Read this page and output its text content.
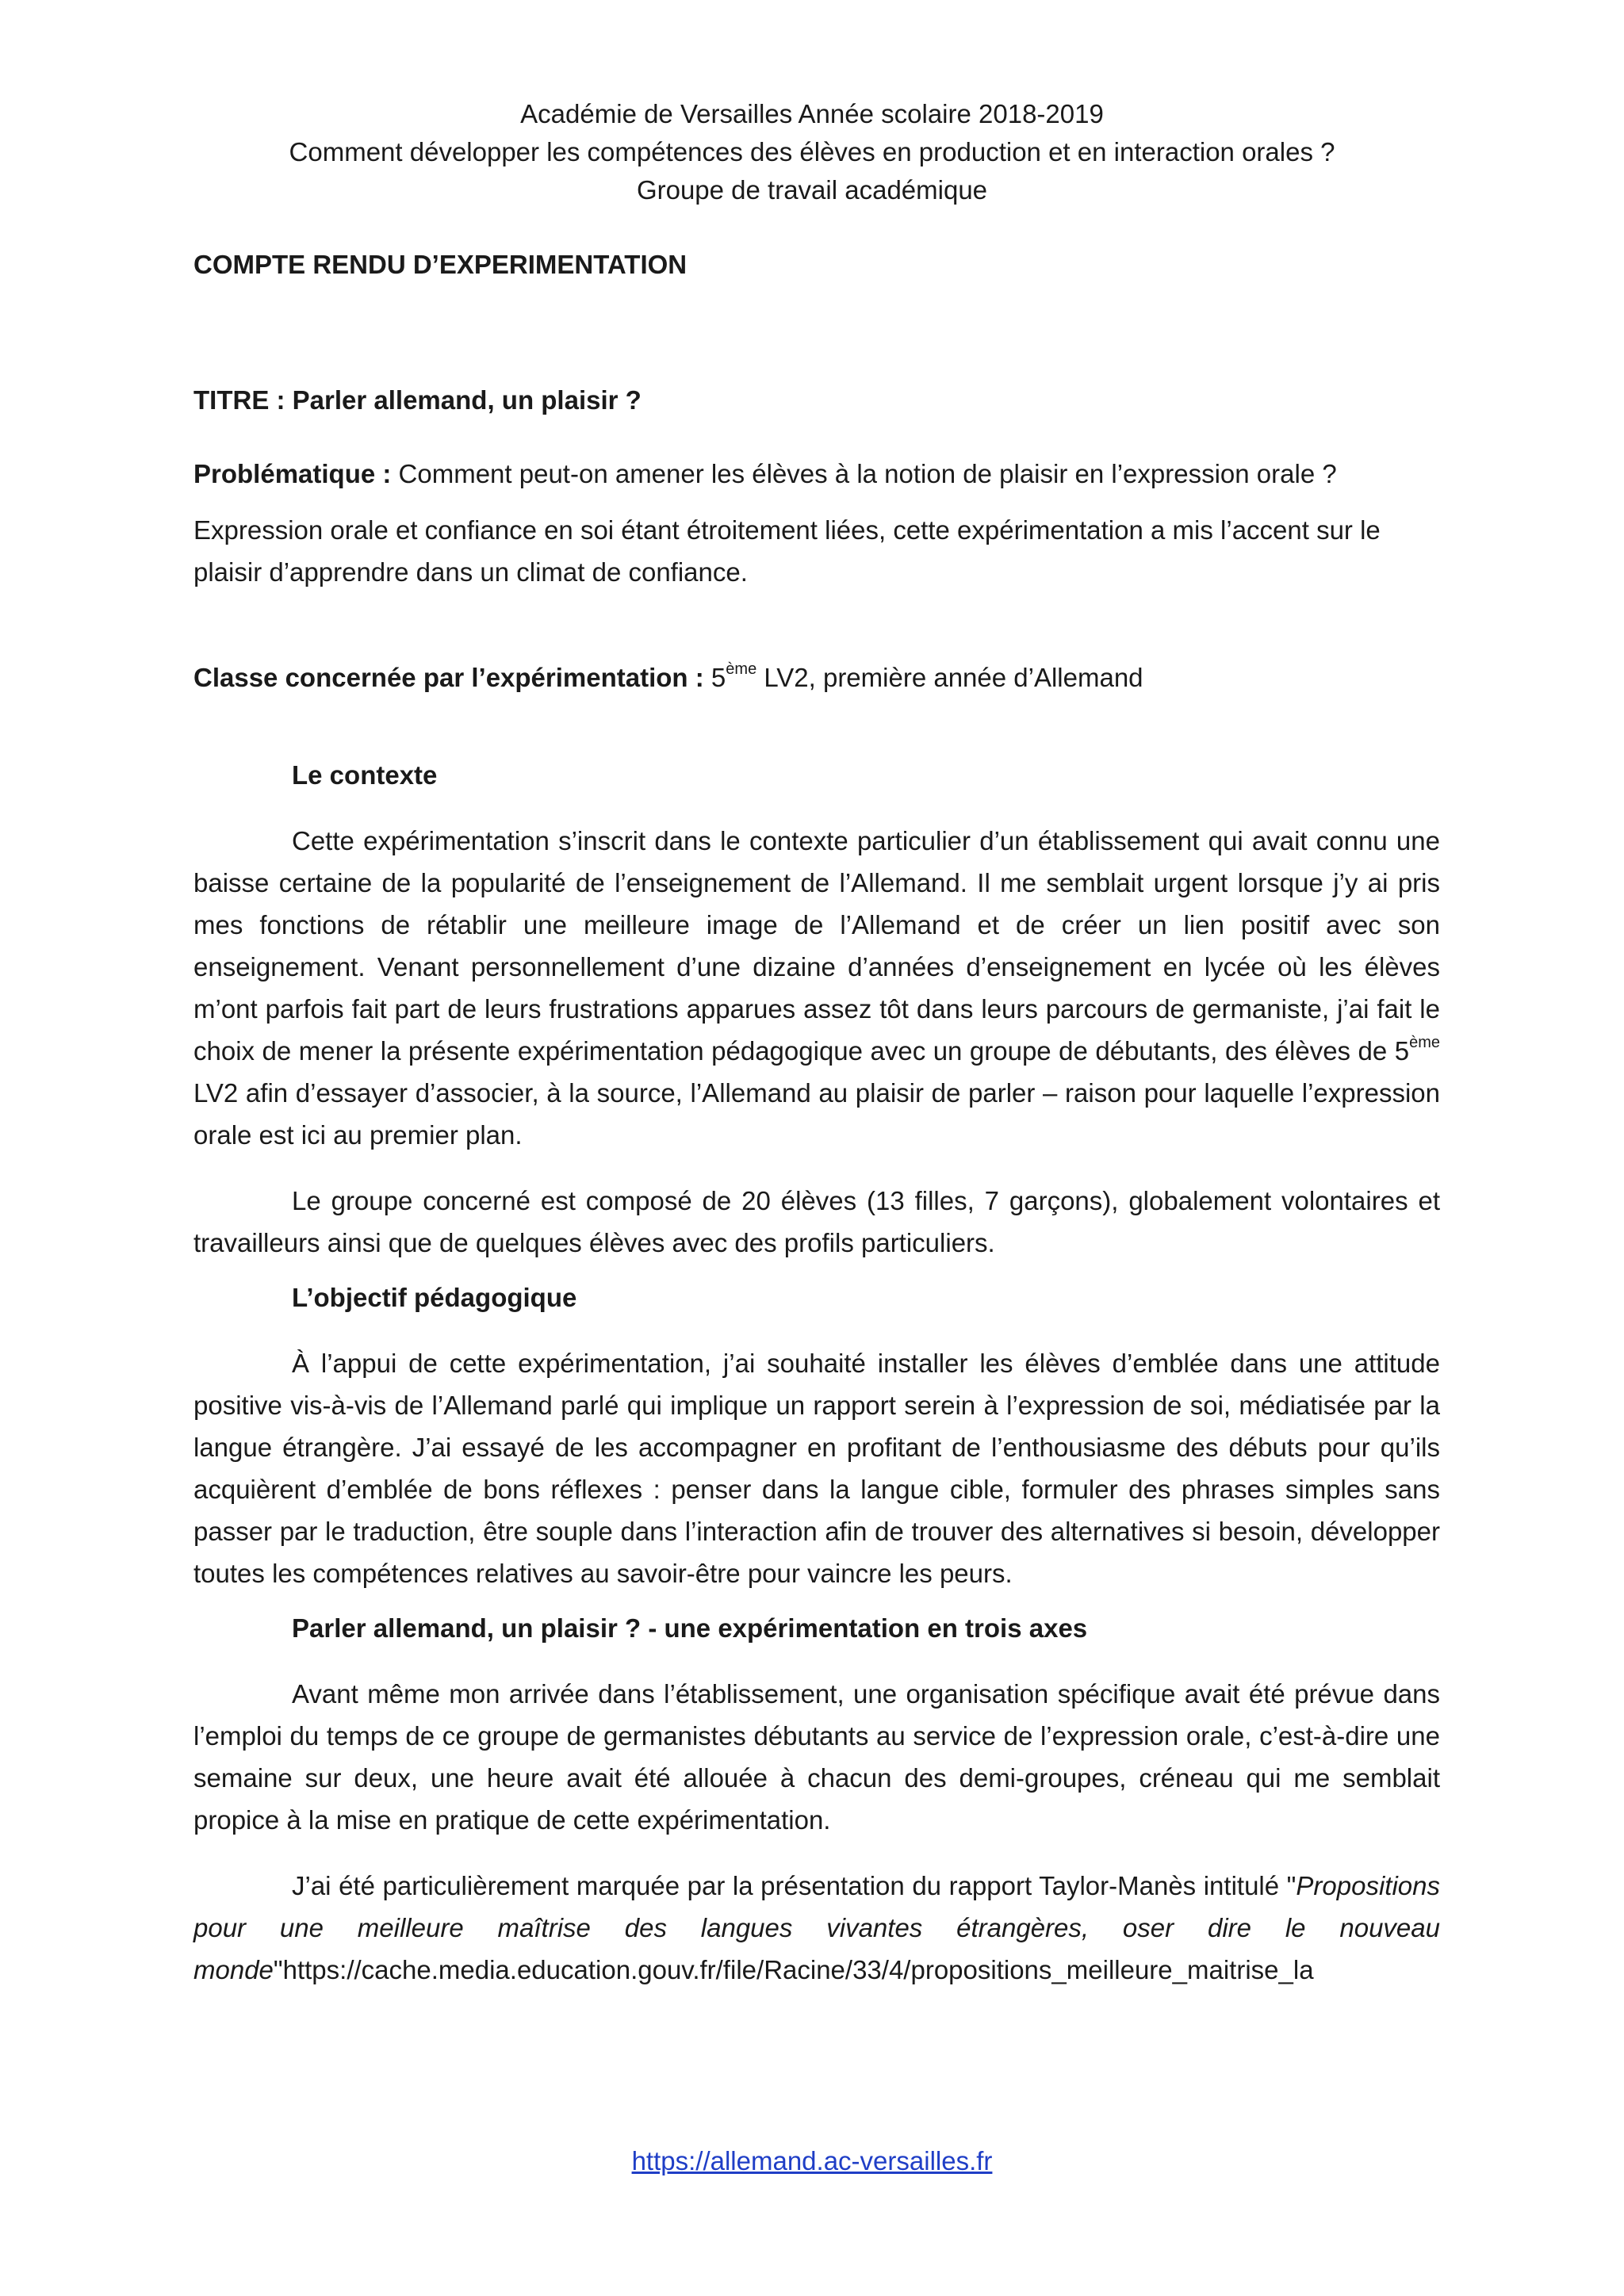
Académie de Versailles Année scolaire 2018-2019
Comment développer les compétences des élèves en production et en interaction orales ?
Groupe de travail académique
COMPTE RENDU D’EXPERIMENTATION
TITRE : Parler allemand, un plaisir ?
Problématique : Comment peut-on amener les élèves à la notion de plaisir en l’expression orale ?
Expression orale et confiance en soi étant étroitement liées, cette expérimentation a mis l’accent sur le plaisir d’apprendre dans un climat de confiance.
Classe concernée par l’expérimentation : 5ème LV2, première année d’Allemand
Le contexte
Cette expérimentation s’inscrit dans le contexte particulier d’un établissement qui avait connu une baisse certaine de la popularité de l’enseignement de l’Allemand. Il me semblait urgent lorsque j’y ai pris mes fonctions de rétablir une meilleure image de l’Allemand et de créer un lien positif avec son enseignement. Venant personnellement d’une dizaine d’années d’enseignement en lycée où les élèves m’ont parfois fait part de leurs frustrations apparues assez tôt dans leurs parcours de germaniste, j’ai fait le choix de mener la présente expérimentation pédagogique avec un groupe de débutants, des élèves de 5ème LV2 afin d’essayer d’associer, à la source, l’Allemand au plaisir de parler – raison pour laquelle l’expression orale est ici au premier plan.
Le groupe concerné est composé de 20 élèves (13 filles, 7 garçons), globalement volontaires et travailleurs ainsi que de quelques élèves avec des profils particuliers.
L’objectif pédagogique
À l’appui de cette expérimentation, j’ai souhaité installer les élèves d’emblée dans une attitude positive vis-à-vis de l’Allemand parlé qui implique un rapport serein à l’expression de soi, médiatisée par la langue étrangère. J’ai essayé de les accompagner en profitant de l’enthousiasme des débuts pour qu’ils acquièrent d’emblée de bons réflexes : penser dans la langue cible, formuler des phrases simples sans passer par le traduction, être souple dans l’interaction afin de trouver des alternatives si besoin, développer toutes les compétences relatives au savoir-être pour vaincre les peurs.
Parler allemand, un plaisir ? - une expérimentation en trois axes
Avant même mon arrivée dans l’établissement, une organisation spécifique avait été prévue dans l’emploi du temps de ce groupe de germanistes débutants au service de l’expression orale, c’est-à-dire une semaine sur deux, une heure avait été allouée à chacun des demi-groupes, créneau qui me semblait propice à la mise en pratique de cette expérimentation.
J’ai été particulièrement marquée par la présentation du rapport Taylor-Manès intitulé "Propositions pour une meilleure maîtrise des langues vivantes étrangères, oser dire le nouveau monde"https://cache.media.education.gouv.fr/file/Racine/33/4/propositions_meilleure_maitrise_la
https://allemand.ac-versailles.fr
